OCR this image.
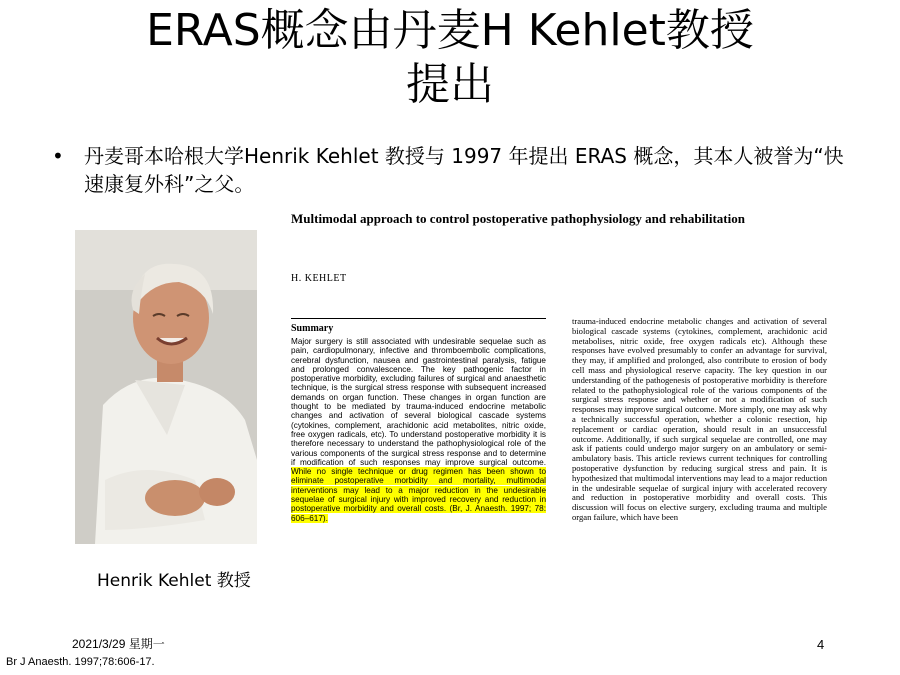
ERAS概念由丹麦H Kehlet教授
提出
• 丹麦哥本哈根大学Henrik Kehlet 教授与 1997 年提出 ERAS 概念，其本人被誉为“快速康复外科”之父。
Henrik Kehlet 教授
Multimodal approach to control postoperative pathophysiology and rehabilitation
H. KEHLET
Summary
Major surgery is still associated with undesirable sequelae such as pain, cardiopulmonary, infective and thromboembolic complications, cerebral dysfunction, nausea and gastrointestinal paralysis, fatigue and prolonged convalescence. The key pathogenic factor in postoperative morbidity, excluding failures of surgical and anaesthetic technique, is the surgical stress response with subsequent increased demands on organ function. These changes in organ function are thought to be mediated by trauma-induced endocrine metabolic changes and activation of several biological cascade systems (cytokines, complement, arachidonic acid metabolites, nitric oxide, free oxygen radicals, etc). To understand postoperative morbidity it is therefore necessary to understand the pathophysiological role of the various components of the surgical stress response and to determine if modification of such responses may improve surgical outcome. While no single technique or drug regimen has been shown to eliminate postoperative morbidity and mortality, multimodal interventions may lead to a major reduction in the undesirable sequelae of surgical injury with improved recovery and reduction in postoperative morbidity and overall costs. (Br, J. Anaesth. 1997; 78: 606–617).
trauma-induced endocrine metabolic changes and activation of several biological cascade systems (cytokines, complement, arachidonic acid metabolises, nitric oxide, free oxygen radicals etc). Although these responses have evolved presumably to confer an advantage for survival, they may, if amplified and prolonged, also contribute to erosion of body cell mass and physiological reserve capacity. The key question in our understanding of the pathogenesis of postoperative morbidity is therefore related to the pathophysiological role of the various components of the surgical stress response and whether or not a modification of such responses may improve surgical outcome. More simply, one may ask why a technically successful operation, whether a colonic resection, hip replacement or cardiac operation, should result in an unsuccessful outcome. Additionally, if such surgical sequelae are controlled, one may ask if patients could undergo major surgery on an ambulatory or semi-ambulatory basis. This article reviews current techniques for controlling postoperative dysfunction by reducing surgical stress and pain. It is hypothesized that multimodal interventions may lead to a major reduction in the undesirable sequelae of surgical injury with accelerated recovery and reduction in postoperative morbidity and overall costs. This discussion will focus on elective surgery, excluding trauma and multiple organ failure, which have been
2021/3/29 星期一	4
Br J Anaesth. 1997;78:606-17.
